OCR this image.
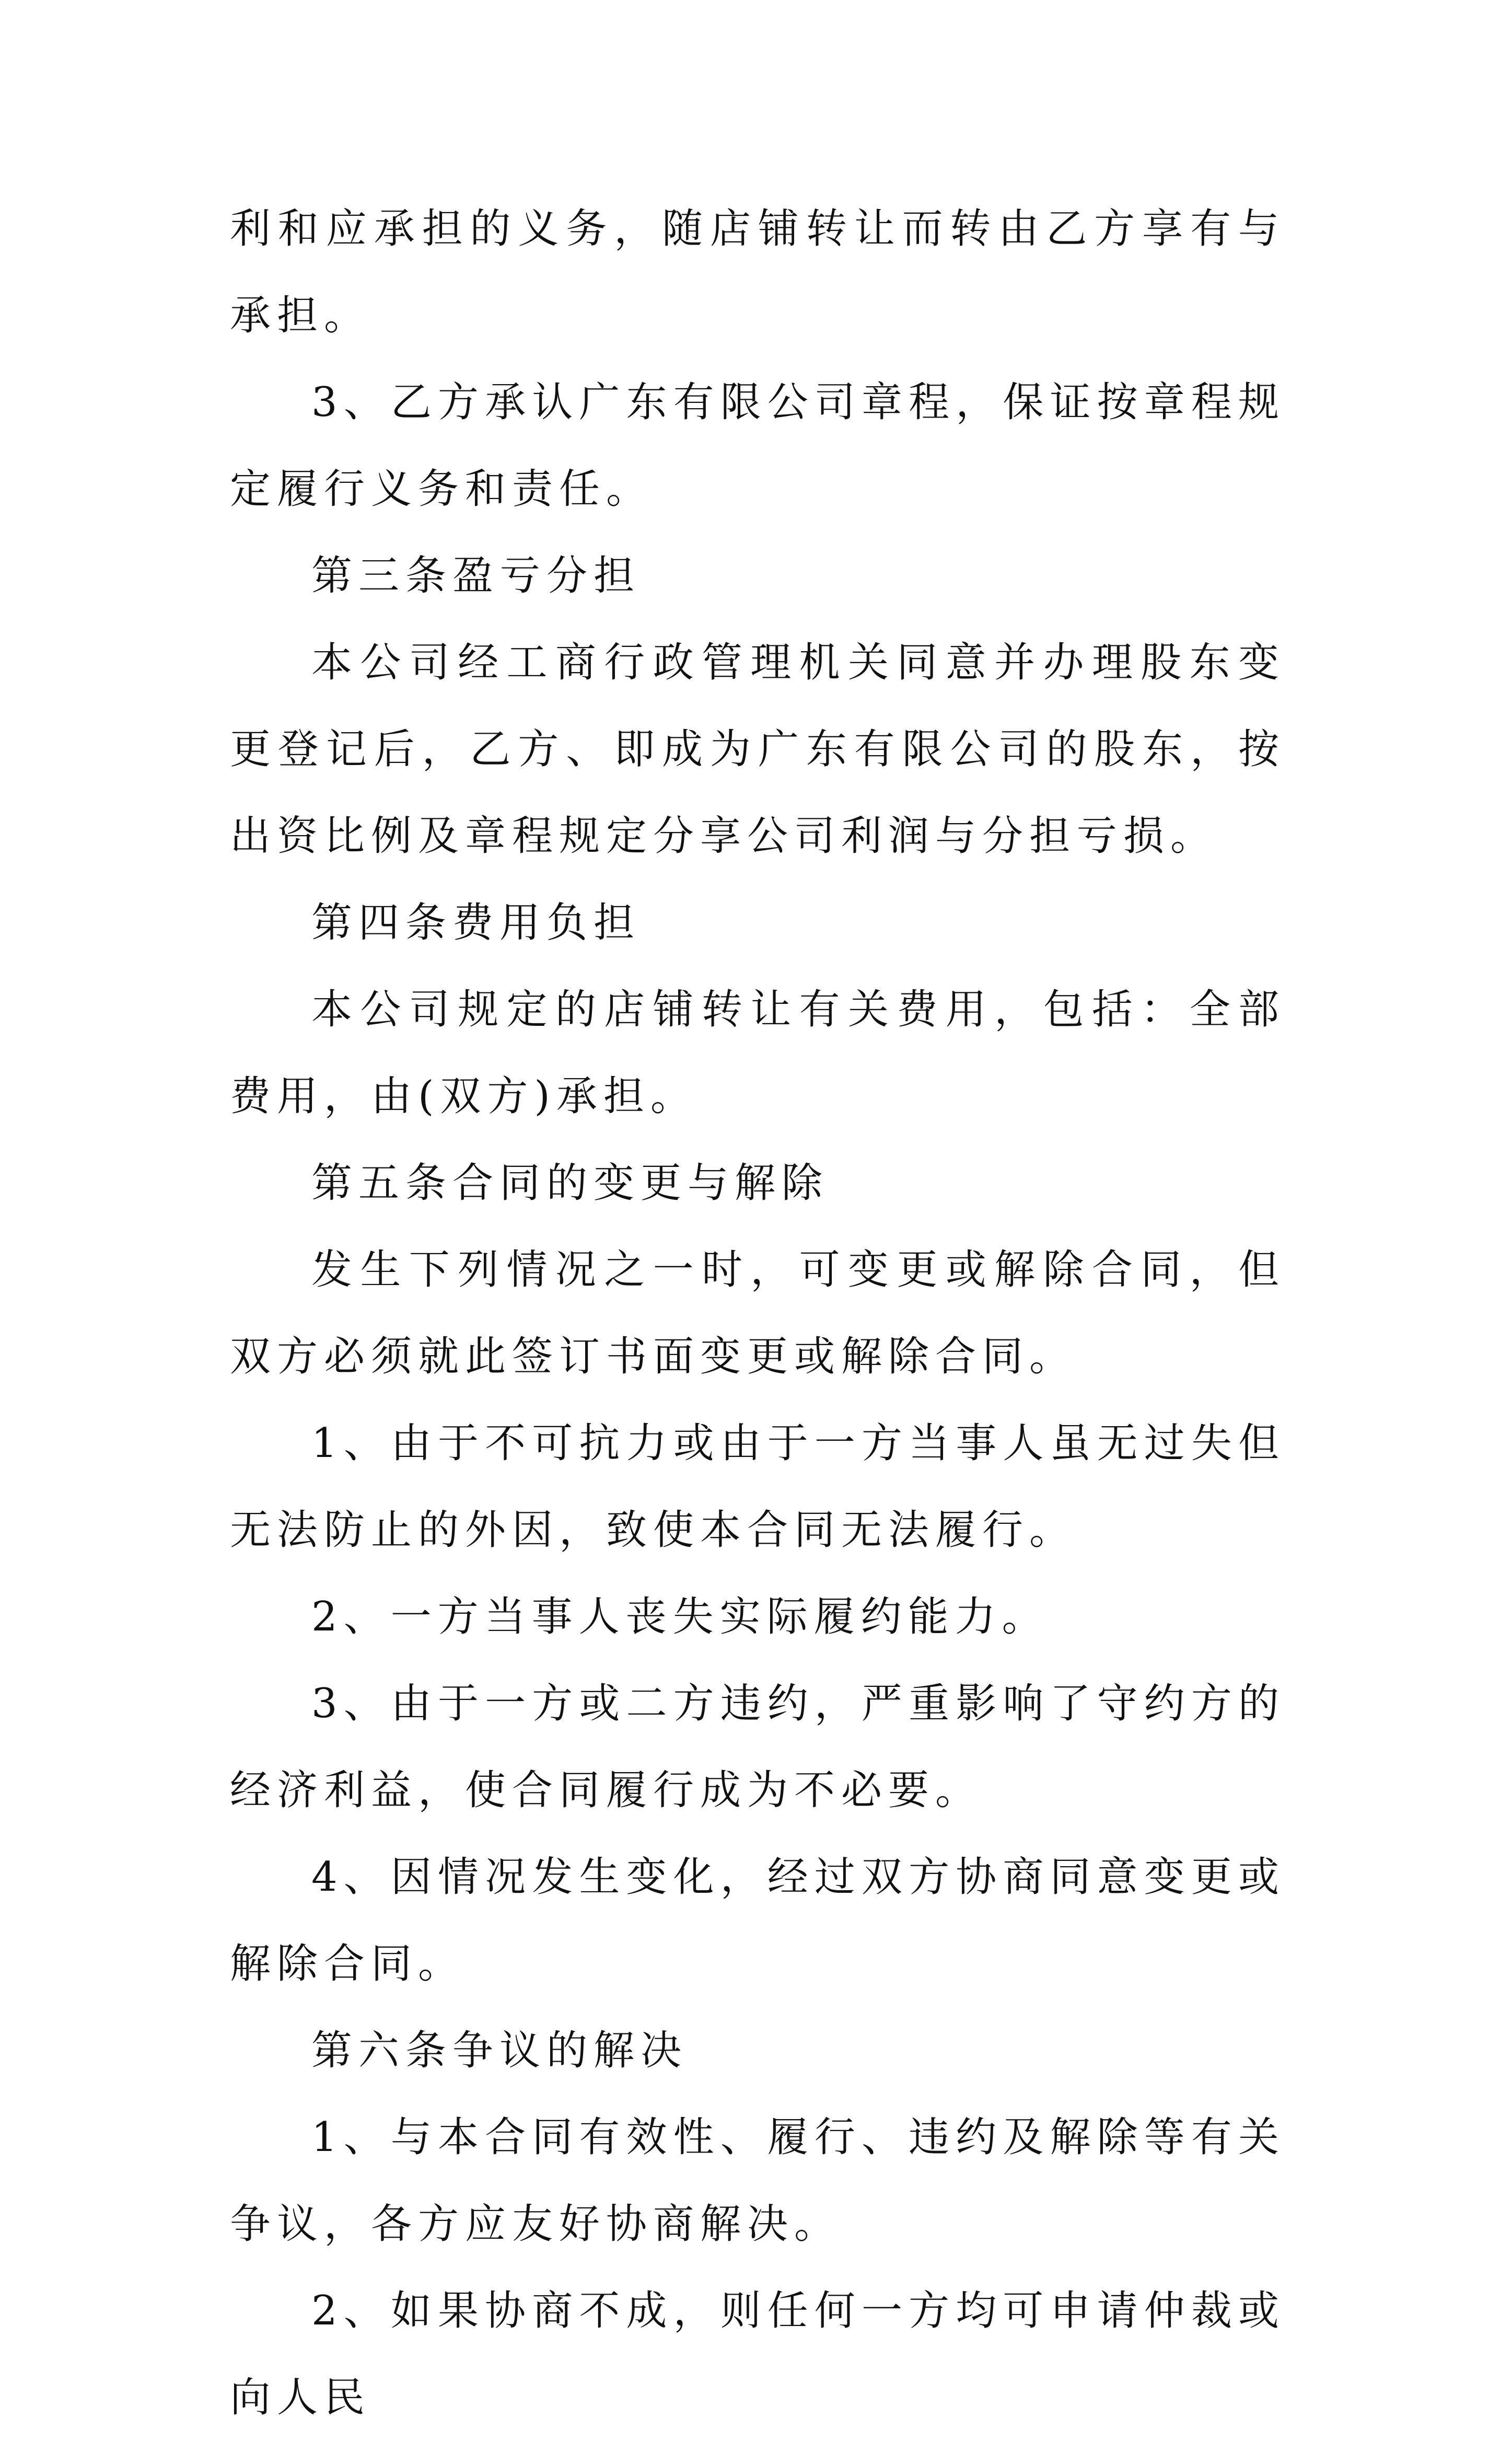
利和应承担的义务，随店铺转让而转由乙方享有与承担。

3、乙方承认广东有限公司章程，保证按章程规定履行义务和责任。

第三条盈亏分担

本公司经工商行政管理机关同意并办理股东变更登记后，乙方、即成为广东有限公司的股东，按出资比例及章程规定分享公司利润与分担亏损。

第四条费用负担

本公司规定的店铺转让有关费用，包括：全部费用，由(双方)承担。

第五条合同的变更与解除

发生下列情况之一时，可变更或解除合同，但双方必须就此签订书面变更或解除合同。

1、由于不可抗力或由于一方当事人虽无过失但无法防止的外因，致使本合同无法履行。

2、一方当事人丧失实际履约能力。

3、由于一方或二方违约，严重影响了守约方的经济利益，使合同履行成为不必要。

4、因情况发生变化，经过双方协商同意变更或解除合同。

第六条争议的解决

1、与本合同有效性、履行、违约及解除等有关争议，各方应友好协商解决。

2、如果协商不成，则任何一方均可申请仲裁或向人民
